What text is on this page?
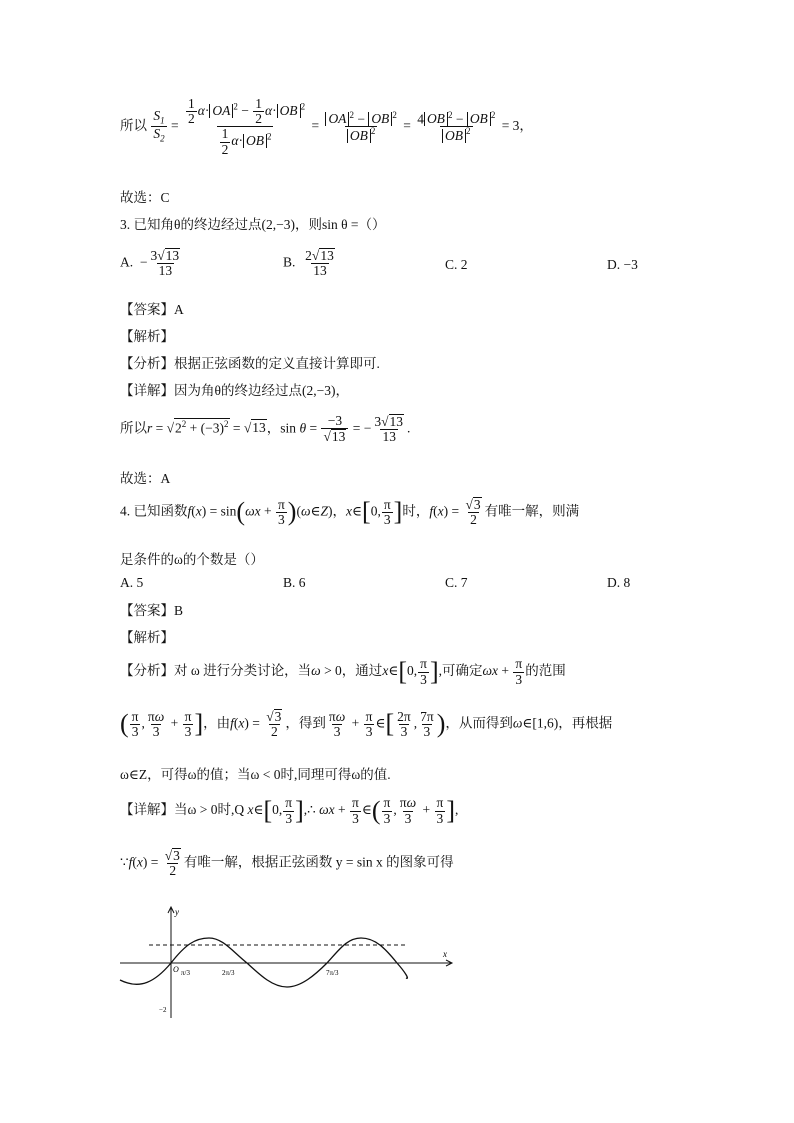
所以 $\frac{S_1}{S_2} = \frac{\frac{1}{2} \alpha\cdot OA ^2 - \frac{1}{2} \alpha\cdot OB ^2}{\frac{1}{2} \alpha\cdot OB ^2} = \frac{OA ^2 - OB ^2}{OB ^2} = \frac{4 OB ^2 - OB ^2}{OB ^2} = 3$，
故选：C
3. 已知角θ的终边经过点(2,−3)，则sin θ =（）
A.  − $\frac{3√13}{13}$	B. $\frac{2√13}{13}$	C. 2	D. −3
【答案】A
【解析】
【分析】根据正弦函数的定义直接计算即可.
【详解】因为角θ的终边经过点(2,−3)，
所以$r = √2^2 + (-3)^2 = √13$，$\sin \theta = \frac{-3}{√13}$ = − $\frac{3√13}{13}$ .
故选：A
4. 已知函数$f(x) = \sin(\omega x + \frac{\pi}{3}$ )(ω∈Z)，x∈[0, $\frac{\pi}{3}$ ]时，$f(x) = \frac{√3}{2}$ 有唯一解，则满
足条件的ω的个数是（）
A. 5	B. 6	C. 7	D. 8
【答案】B
【解析】
【分析】对 ω 进行分类讨论，当ω > 0，通过x∈[0, $\frac{\pi}{3}$ ],可确定$\omega x + \frac{\pi}{3}$ 的范围
( $\frac{\pi}{3}$ , $\frac{\pi\omega}{3} + \frac{\pi}{3}$ ]，由$f(x) = \frac{√3}{2}$ ，得到 $\frac{\pi\omega}{3} + \frac{\pi}{3}$ ∈[ $\frac{2\pi}{3}$ , $\frac{7\pi}{3}$ )，从而得到ω∈[1,6)，再根据
ω∈Z，可得ω的值；当ω < 0时,同理可得ω的值.
【详解】当ω > 0时,Q x∈[0, $\frac{\pi}{3}$ ],∴ $\omega x + \frac{\pi}{3}$ ∈( $\frac{\pi}{3}$ , $\frac{\pi\omega}{3} + \frac{\pi}{3}$ ],
∵f(x) = $\frac{√3}{2}$ 有唯一解，根据正弦函数 y = sin x 的图象可得
y
x
O π/3	2π/3	7π/3
−2
